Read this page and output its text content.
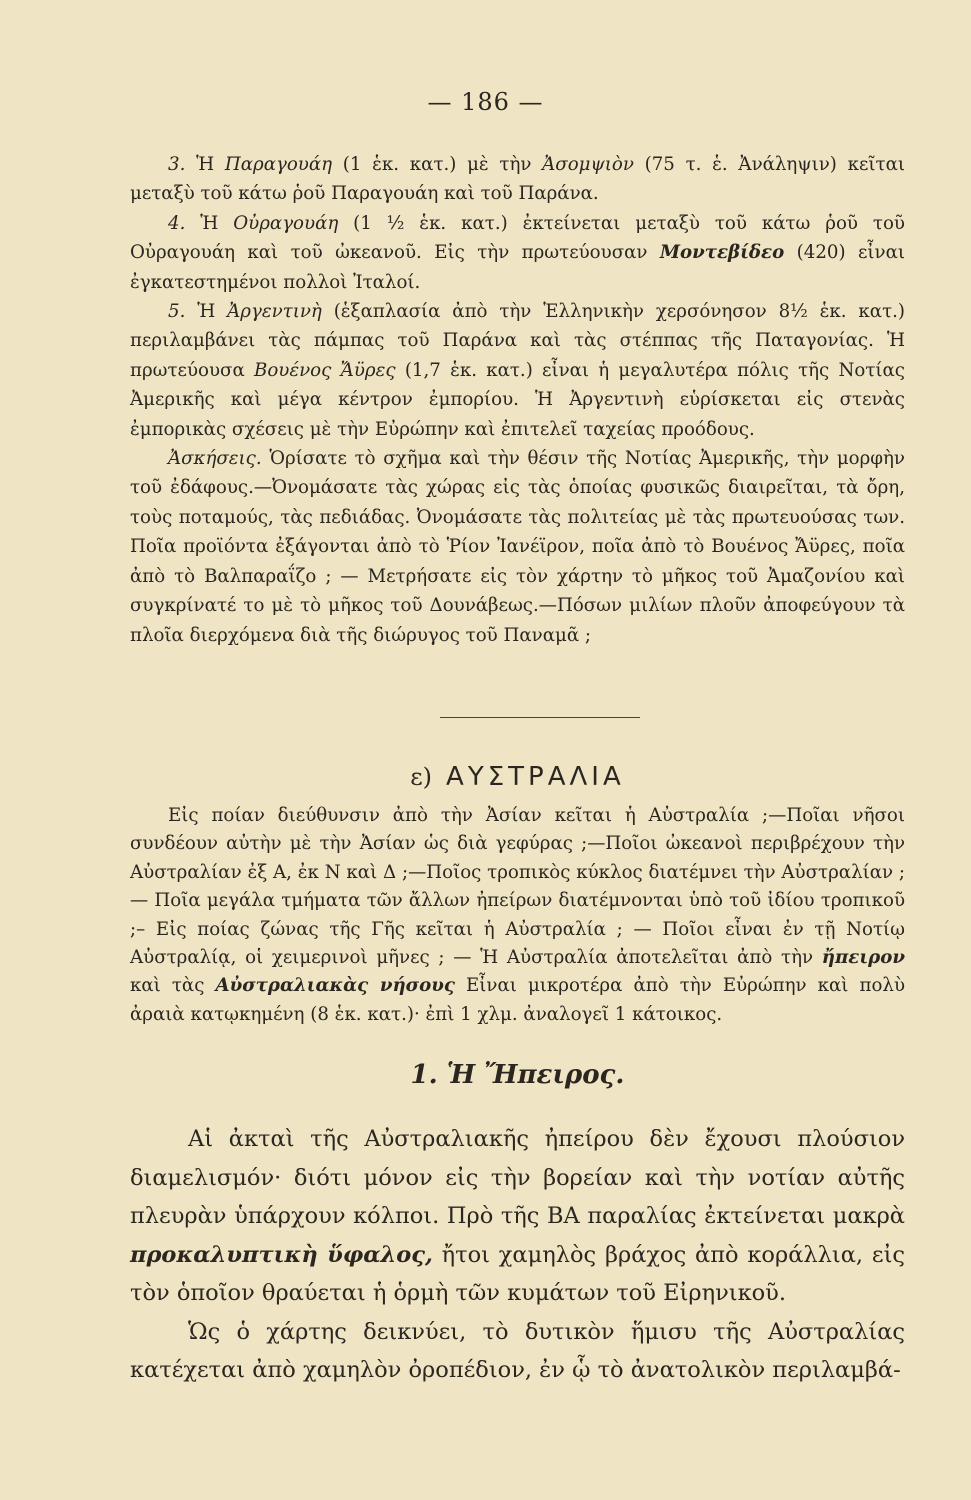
— 186 —

3. Ἡ Παραγουάη (1 ἑκ. κατ.) μὲ τὴν Ἀσομψιὸν (75 τ. ἑ. Ἀνάληψιν) κεῖται μεταξὺ τοῦ κάτω ῥοῦ Παραγουάη καὶ τοῦ Παράνα.

4. Ἡ Οὐραγουάη (1 ½ ἑκ. κατ.) ἐκτείνεται μεταξὺ τοῦ κάτω ῥοῦ τοῦ Οὐραγουάη καὶ τοῦ ὠκεανοῦ. Εἰς τὴν πρωτεύουσαν Μοντεβίδεο (420) εἶναι ἐγκατεστημένοι πολλοὶ Ἰταλοί.

5. Ἡ Ἀργεντινὴ (ἑξαπλασία ἀπὸ τὴν Ἑλληνικὴν χερσόνησον 8½ ἑκ. κατ.) περιλαμβάνει τὰς πάμπας τοῦ Παράνα καὶ τὰς στέππας τῆς Παταγονίας. Ἡ πρωτεύουσα Βουένος Ἄϋρες (1,7 ἑκ. κατ.) εἶναι ἡ μεγαλυτέρα πόλις τῆς Νοτίας Ἀμερικῆς καὶ μέγα κέντρον ἐμπορίου. Ἡ Ἀργεντινὴ εὑρίσκεται εἰς στενὰς ἐμπορικὰς σχέσεις μὲ τὴν Εὐρώπην καὶ ἐπιτελεῖ ταχείας προόδους.

Ἀσκήσεις. Ὁρίσατε τὸ σχῆμα καὶ τὴν θέσιν τῆς Νοτίας Ἀμερικῆς, τὴν μορφὴν τοῦ ἐδάφους.—Ὀνομάσατε τὰς χώρας εἰς τὰς ὁποίας φυσικῶς διαιρεῖται, τὰ ὄρη, τοὺς ποταμούς, τὰς πεδιάδας. Ὀνομάσατε τὰς πολιτείας μὲ τὰς πρωτευούσας των. Ποῖα προϊόντα ἐξάγονται ἀπὸ τὸ Ῥίον Ἰανέϊρον, ποῖα ἀπὸ τὸ Βουένος Ἄϋρες, ποῖα ἀπὸ τὸ Βαλπαραΐζο ; — Μετρήσατε εἰς τὸν χάρτην τὸ μῆκος τοῦ Ἀμαζονίου καὶ συγκρίνατέ το μὲ τὸ μῆκος τοῦ Δουνάβεως.—Πόσων μιλίων πλοῦν ἀποφεύγουν τὰ πλοῖα διερχόμενα διὰ τῆς διώρυγος τοῦ Παναμᾶ ;

ε) ΑΥΣΤΡΑΛΙΑ

Εἰς ποίαν διεύθυνσιν ἀπὸ τὴν Ἀσίαν κεῖται ἡ Αὐστραλία ;—Ποῖαι νῆσοι συνδέουν αὐτὴν μὲ τὴν Ἀσίαν ὡς διὰ γεφύρας ;—Ποῖοι ὠκεανοὶ περιβρέχουν τὴν Αὐστραλίαν ἐξ Α, ἐκ Ν καὶ Δ ;—Ποῖος τροπικὸς κύκλος διατέμνει τὴν Αὐστραλίαν ;— Ποῖα μεγάλα τμήματα τῶν ἄλλων ἠπείρων διατέμνονται ὑπὸ τοῦ ἰδίου τροπικοῦ ;– Εἰς ποίας ζώνας τῆς Γῆς κεῖται ἡ Αὐστραλία ; — Ποῖοι εἶναι ἐν τῇ Νοτίῳ Αὐστραλίᾳ, οἱ χειμερινοὶ μῆνες ; — Ἡ Αὐστραλία ἀποτελεῖται ἀπὸ τὴν ἤπειρον καὶ τὰς Αὐστραλιακὰς νήσους Εἶναι μικροτέρα ἀπὸ τὴν Εὐρώπην καὶ πολὺ ἀραιὰ κατῳκημένη (8 ἑκ. κατ.)· ἐπὶ 1 χλμ. ἀναλογεῖ 1 κάτοικος.

1. Ἡ Ἤπειρος.

Αἱ ἀκταὶ τῆς Αὐστραλιακῆς ἠπείρου δὲν ἔχουσι πλούσιον διαμελισμόν· διότι μόνον εἰς τὴν βορείαν καὶ τὴν νοτίαν αὐτῆς πλευρὰν ὑπάρχουν κόλποι. Πρὸ τῆς ΒΑ παραλίας ἐκτείνεται μακρὰ προκαλυπτικὴ ὕφαλος, ἤτοι χαμηλὸς βράχος ἀπὸ κοράλλια, εἰς τὸν ὁποῖον θραύεται ἡ ὁρμὴ τῶν κυμάτων τοῦ Εἰρηνικοῦ.

Ὡς ὁ χάρτης δεικνύει, τὸ δυτικὸν ἥμισυ τῆς Αὐστραλίας κατέχεται ἀπὸ χαμηλὸν ὀροπέδιον, ἐν ᾧ τὸ ἀνατολικὸν περιλαμβά-
